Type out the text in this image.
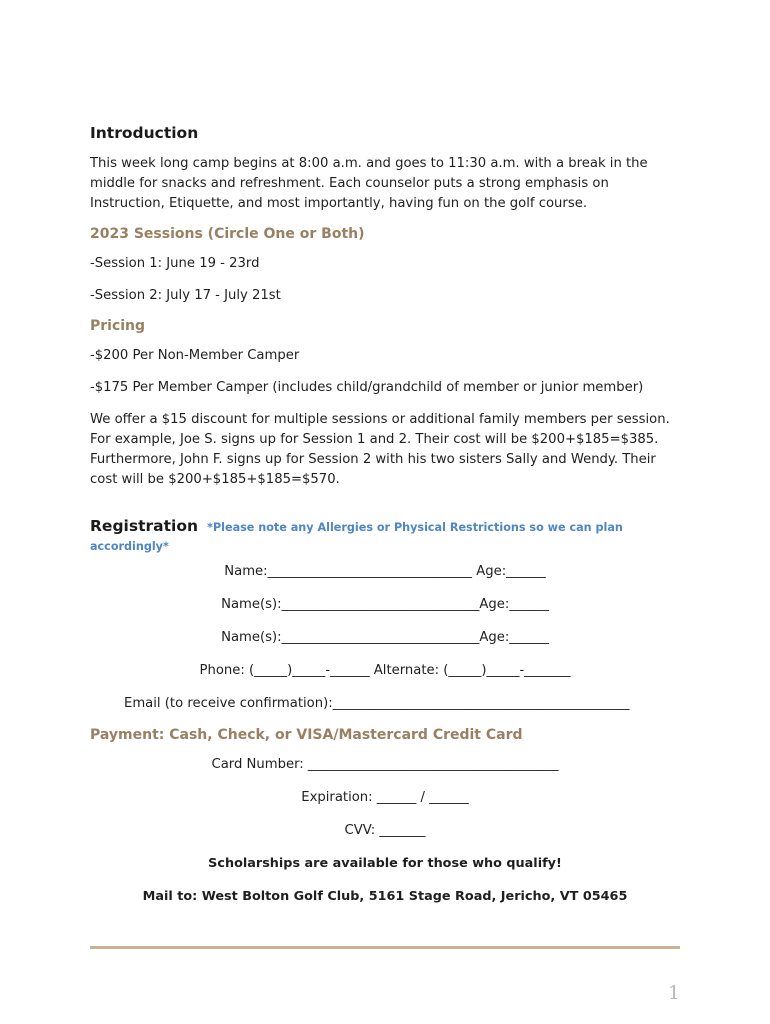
Introduction

This week long camp begins at 8:00 a.m. and goes to 11:30 a.m. with a break in the middle for snacks and refreshment. Each counselor puts a strong emphasis on Instruction, Etiquette, and most importantly, having fun on the golf course.

2023 Sessions (Circle One or Both)

-Session 1: June 19 - 23rd

-Session 2: July 17 - July 21st

Pricing

-$200 Per Non-Member Camper

-$175 Per Member Camper (includes child/grandchild of member or junior member)

We offer a $15 discount for multiple sessions or additional family members per session. For example, Joe S. signs up for Session 1 and 2. Their cost will be $200+$185=$385. Furthermore, John F. signs up for Session 2 with his two sisters Sally and Wendy. Their cost will be $200+$185+$185=$570.

Registration *Please note any Allergies or Physical Restrictions so we can plan accordingly*

Name:_______________________________ Age:______

Name(s):______________________________Age:______

Name(s):______________________________Age:______

Phone: (_____)_____-______ Alternate: (_____)_____-_______

Email (to receive confirmation):_____________________________________________

Payment: Cash, Check, or VISA/Mastercard Credit Card

Card Number: ______________________________________

Expiration: ______ / ______

CVV: _______

Scholarships are available for those who qualify!

Mail to: West Bolton Golf Club, 5161 Stage Road, Jericho, VT 05465

1
